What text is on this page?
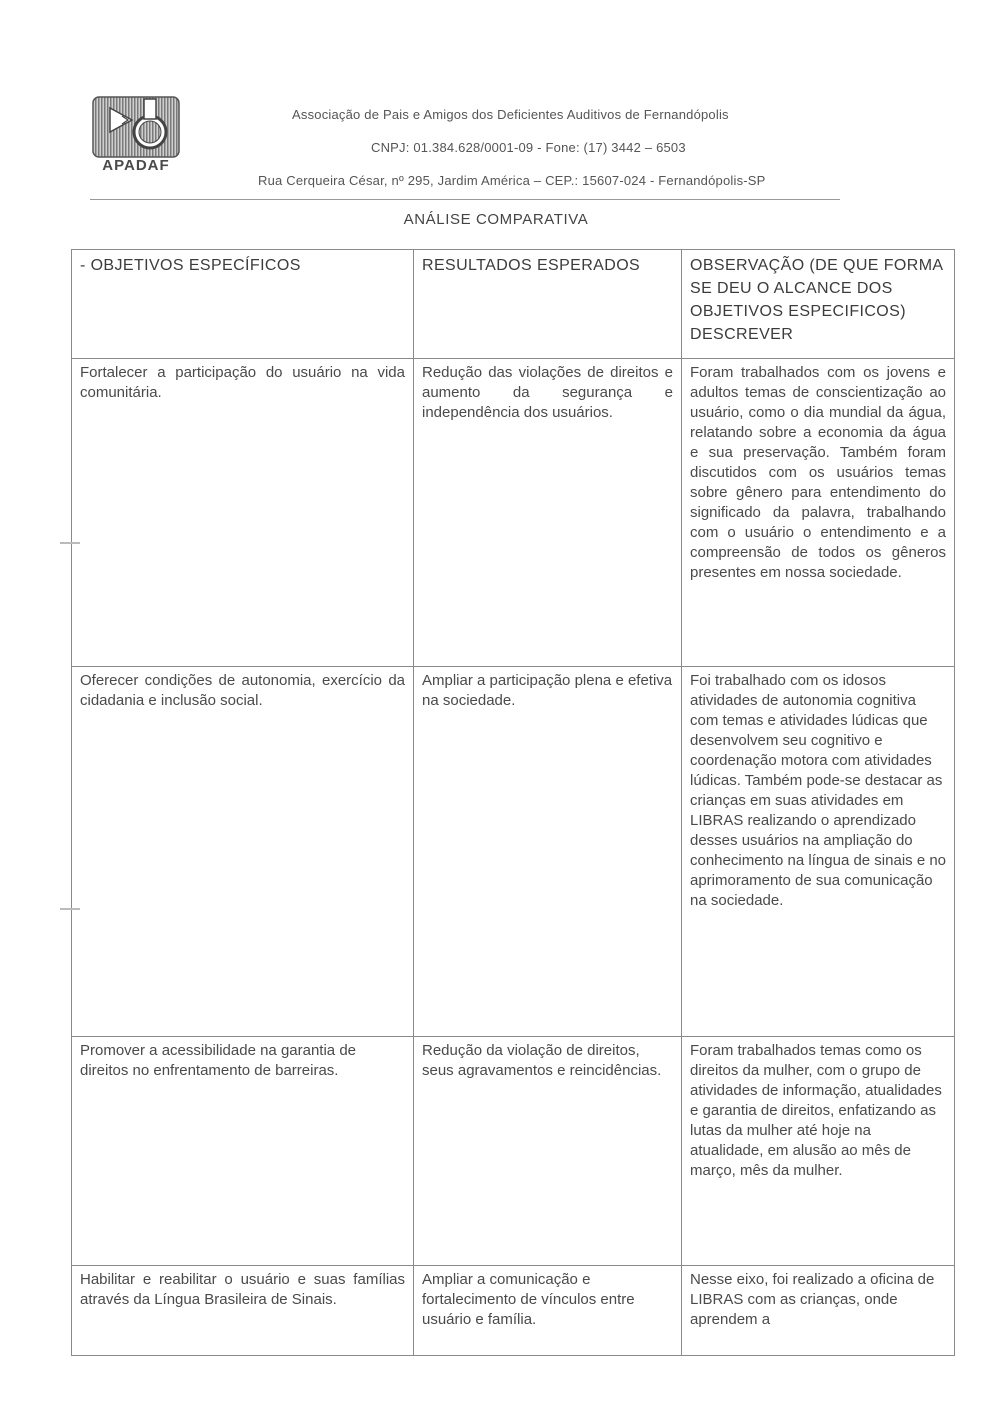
APADAF
Associação de Pais e Amigos dos Deficientes Auditivos de Fernandópolis
CNPJ: 01.384.628/0001-09 - Fone: (17) 3442 – 6503
Rua Cerqueira César, nº 295, Jardim América – CEP.: 15607-024 - Fernandópolis-SP
ANÁLISE COMPARATIVA
- OBJETIVOS ESPECÍFICOS	RESULTADOS ESPERADOS	OBSERVAÇÃO (DE QUE FORMA SE DEU O ALCANCE DOS OBJETIVOS ESPECIFICOS) DESCREVER
Fortalecer a participação do usuário na vida comunitária.	Redução das violações de direitos e aumento da segurança e independência dos usuários.	Foram trabalhados com os jovens e adultos temas de conscientização ao usuário, como o dia mundial da água, relatando sobre a economia da água e sua preservação. Também foram discutidos com os usuários temas sobre gênero para entendimento do significado da palavra, trabalhando com o usuário o entendimento e a compreensão de todos os gêneros presentes em nossa sociedade.
Oferecer condições de autonomia, exercício da cidadania e inclusão social.	Ampliar a participação plena e efetiva na sociedade.	Foi trabalhado com os idosos atividades de autonomia cognitiva com temas e atividades lúdicas que desenvolvem seu cognitivo e coordenação motora com atividades lúdicas. Também pode-se destacar as crianças em suas atividades em LIBRAS realizando o aprendizado desses usuários na ampliação do conhecimento na língua de sinais e no aprimoramento de sua comunicação na sociedade.
Promover a acessibilidade na garantia de direitos no enfrentamento de barreiras.	Redução da violação de direitos, seus agravamentos e reincidências.	Foram trabalhados temas como os direitos da mulher, com o grupo de atividades de informação, atualidades e garantia de direitos, enfatizando as lutas da mulher até hoje na atualidade, em alusão ao mês de março, mês da mulher.
Habilitar e reabilitar o usuário e suas famílias através da Língua Brasileira de Sinais.	Ampliar a comunicação e fortalecimento de vínculos entre usuário e família.	Nesse eixo, foi realizado a oficina de LIBRAS com as crianças, onde aprendem a
